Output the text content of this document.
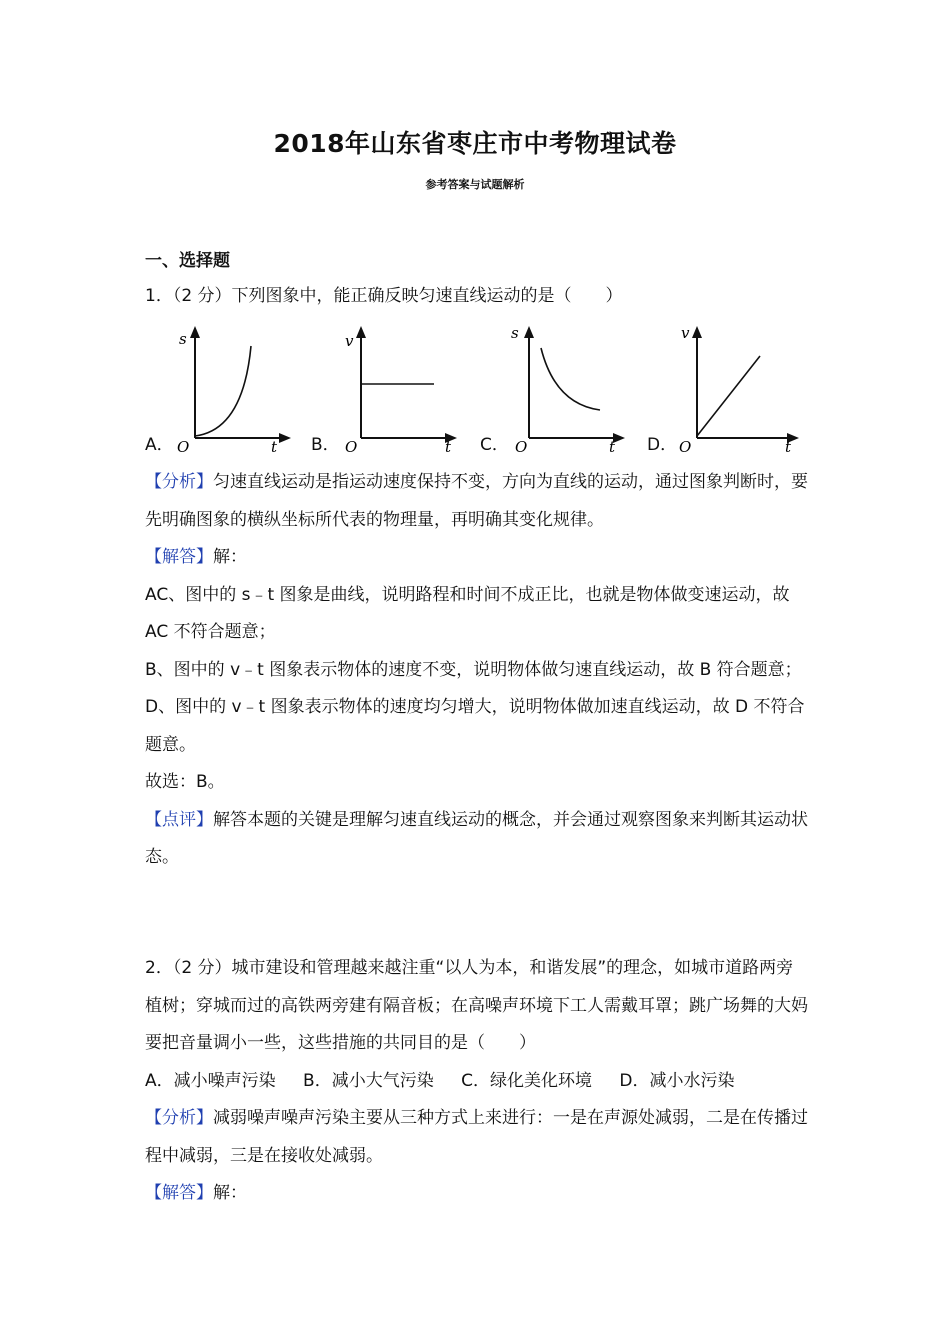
2018年山东省枣庄市中考物理试卷
参考答案与试题解析
一、选择题
1．（2 分）下列图象中，能正确反映匀速直线运动的是（　　）
A．
s
O	t B．
v
O	t C．
s
O	t D．
v
O	t
【分析】匀速直线运动是指运动速度保持不变，方向为直线的运动，通过图象判断时，要先明确图象的横纵坐标所代表的物理量，再明确其变化规律。
【解答】解：
AC、图中的 s﹣t 图象是曲线，说明路程和时间不成正比，也就是物体做变速运动，故 AC 不符合题意；
B、图中的 v﹣t 图象表示物体的速度不变，说明物体做匀速直线运动，故 B 符合题意；
D、图中的 v﹣t 图象表示物体的速度均匀增大，说明物体做加速直线运动，故 D 不符合题意。
故选：B。
【点评】解答本题的关键是理解匀速直线运动的概念，并会通过观察图象来判断其运动状态。
2．（2 分）城市建设和管理越来越注重“以人为本，和谐发展”的理念，如城市道路两旁植树；穿城而过的高铁两旁建有隔音板；在高噪声环境下工人需戴耳罩；跳广场舞的大妈要把音量调小一些，这些措施的共同目的是（　　）
A．减小噪声污染 B．减小大气污染 C．绿化美化环境 D．减小水污染
【分析】减弱噪声噪声污染主要从三种方式上来进行：一是在声源处减弱，二是在传播过程中减弱，三是在接收处减弱。
【解答】解：
